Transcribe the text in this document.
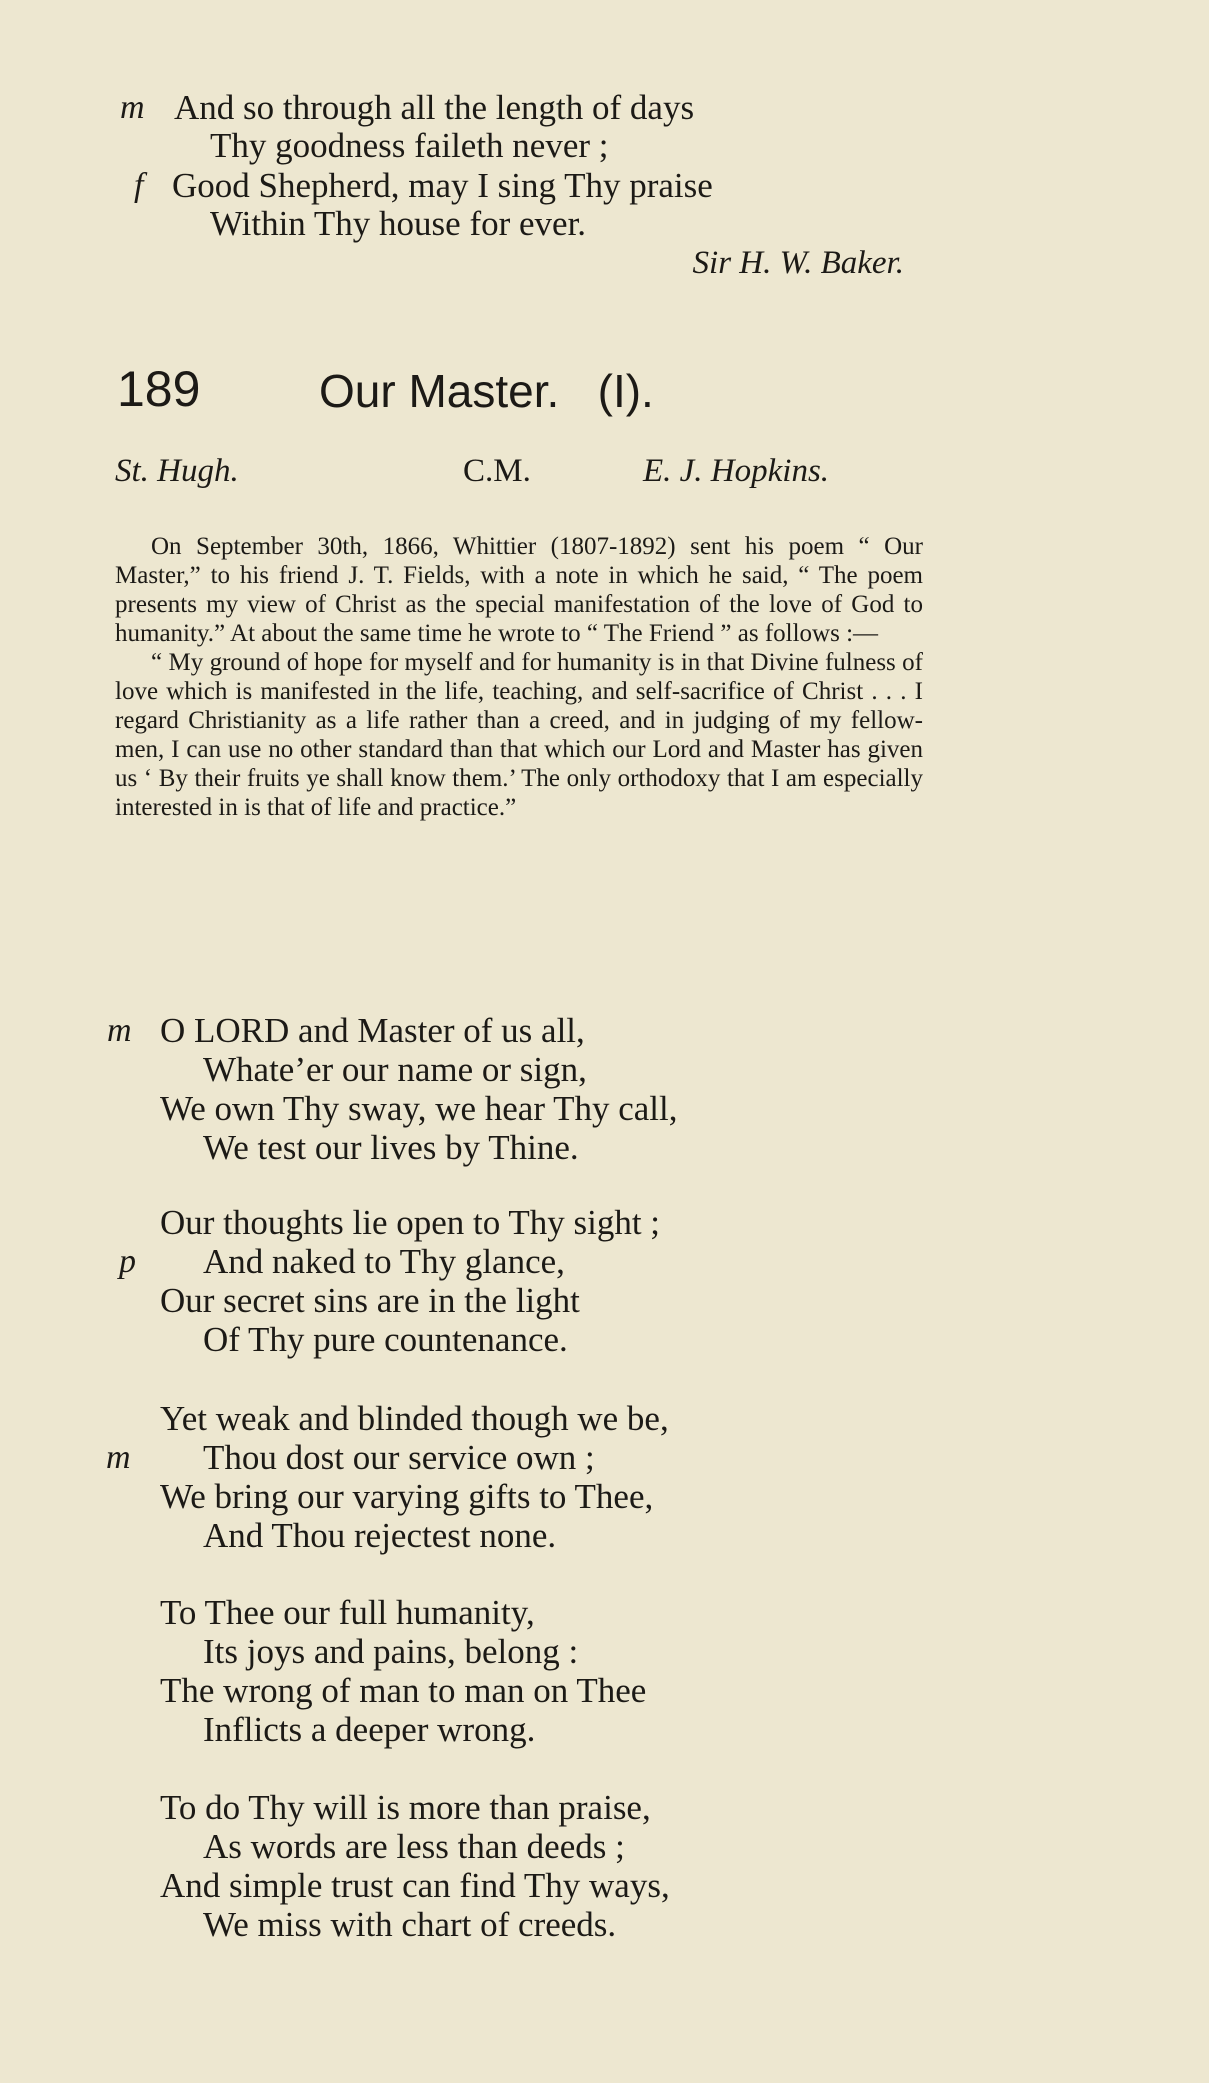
m And so through all the length of days
Thy goodness faileth never ;
f Good Shepherd, may I sing Thy praise
Within Thy house for ever.
Sir H. W. Baker.
189	Our Master.   (I).
St. Hugh.	C.M.	E. J. Hopkins.

On September 30th, 1866, Whittier (1807-1892) sent his poem “ Our Master,” to his friend J. T. Fields, with a note in which he said, “ The poem presents my view of Christ as the special manifestation of the love of God to humanity.” At about the same time he wrote to “ The Friend ” as follows :—

“ My ground of hope for myself and for humanity is in that Divine fulness of love which is manifested in the life, teaching, and self-sacrifice of Christ . . . I regard Christianity as a life rather than a creed, and in judging of my fellow-men, I can use no other standard than that which our Lord and Master has given us ‘ By their fruits ye shall know them.’ The only orthodoxy that I am especially interested in is that of life and practice.”

m O LORD and Master of us all,
Whate’er our name or sign,
We own Thy sway, we hear Thy call,
We test our lives by Thine.
Our thoughts lie open to Thy sight ;
p And naked to Thy glance,
Our secret sins are in the light
Of Thy pure countenance.
Yet weak and blinded though we be,
m Thou dost our service own ;
We bring our varying gifts to Thee,
And Thou rejectest none.
To Thee our full humanity,
Its joys and pains, belong :
The wrong of man to man on Thee
Inflicts a deeper wrong.
To do Thy will is more than praise,
As words are less than deeds ;
And simple trust can find Thy ways,
We miss with chart of creeds.
